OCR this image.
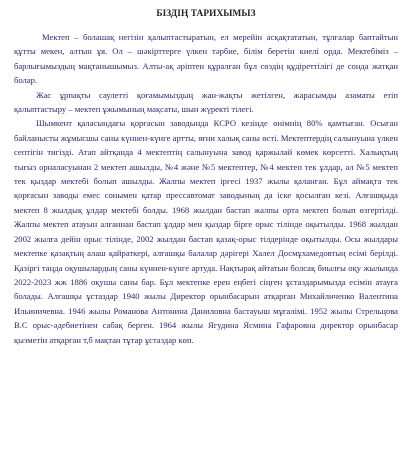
БІЗДІҢ ТАРИХЫМЫЗ

Мектеп – болашақ негізін қалыптастыратын, ел мерейін асқақтататын, тұлғалар баптайтын құтты мекен, алтын ұя. Ол – шәкірттерге үлкен тәрбие, білім беретін киелі орда. Мектебіміз – барлығымыздың мақтанышымыз. Алты-ақ әріптен құралған бұл сөздің құдіреттілігі де сонда жатқан болар.

Жас ұрпақты саулетті қоғамымыздың жан-жақты жетілген, жарасымды азаматы етіп қалыптастыру – мектеп ұжымының мақсаты, шын жүректі тілегі.

Шымкент қаласындағы қорғасын заводында КСРО кезінде өнімнің 80% қамтыған. Осыған байланысты жұмысшы саны күннен-күнге артты, яғни халық саны өсті. Мектептердің салынуына үлкен септігін тигізді. Атап айтқанда 4 мектептің салынуына завод қаржылай көмек көрсетті. Халықтың тығыз орналасуынан 2 мектеп ашылды, №4 және №5 мектептер, №4 мектеп тек ұлдар, ал №5 мектеп тек қыздар мектебі болып ашылды. Жалпы мектеп іргесі 1937 жылы қаланған. Бұл аймақта тек қорғасын заводы емес сонымен қатар прессавтомат заводының да іске қосылған кезі. Алғашқыда мектеп 8 жылдық ұлдар мектебі болды. 1968 жылдан бастап жалпы орта мектеп болып өзгертілді. Жалпы мектеп атауын алғаннан бастап ұлдар мен қыздар бірге орыс тілінде оқытылды. 1968 жылдан 2002 жылға дейін орыс тілінде, 2002 жылдан бастап қазақ-орыс тілдерінде оқытылды. Осы жылдары мектепке қазақтың алаш қайраткері, алғашқы балалар дәрігері Халел Досмұхамедовтың есімі берілді. Қазіргі таңда оқушылардың саны күннен-күнге артуда. Нақтырақ айтатын болсақ биылғы оқу жылында 2022-2023 жж 1886 оқушы саны бар. Бұл мектепке ерен еңбегі сіңген ұстаздарымызда есімін атауға болады. Алғашқы ұстаздар 1940 жылы Директор орынбасарын атқарған Михайличенко Валентина Ильиничевна. 1946 жылы Романова Антонина Даниловна бастауыш мұғалімі. 1952 жылы Стрельцова В.С орыс-әдебиетінен сабақ берген. 1964 жылы Ягудина Ясмина Гафаровна директор орынбасар қызметін атқарған т,б мақтан тұтар ұстаздар көп.
